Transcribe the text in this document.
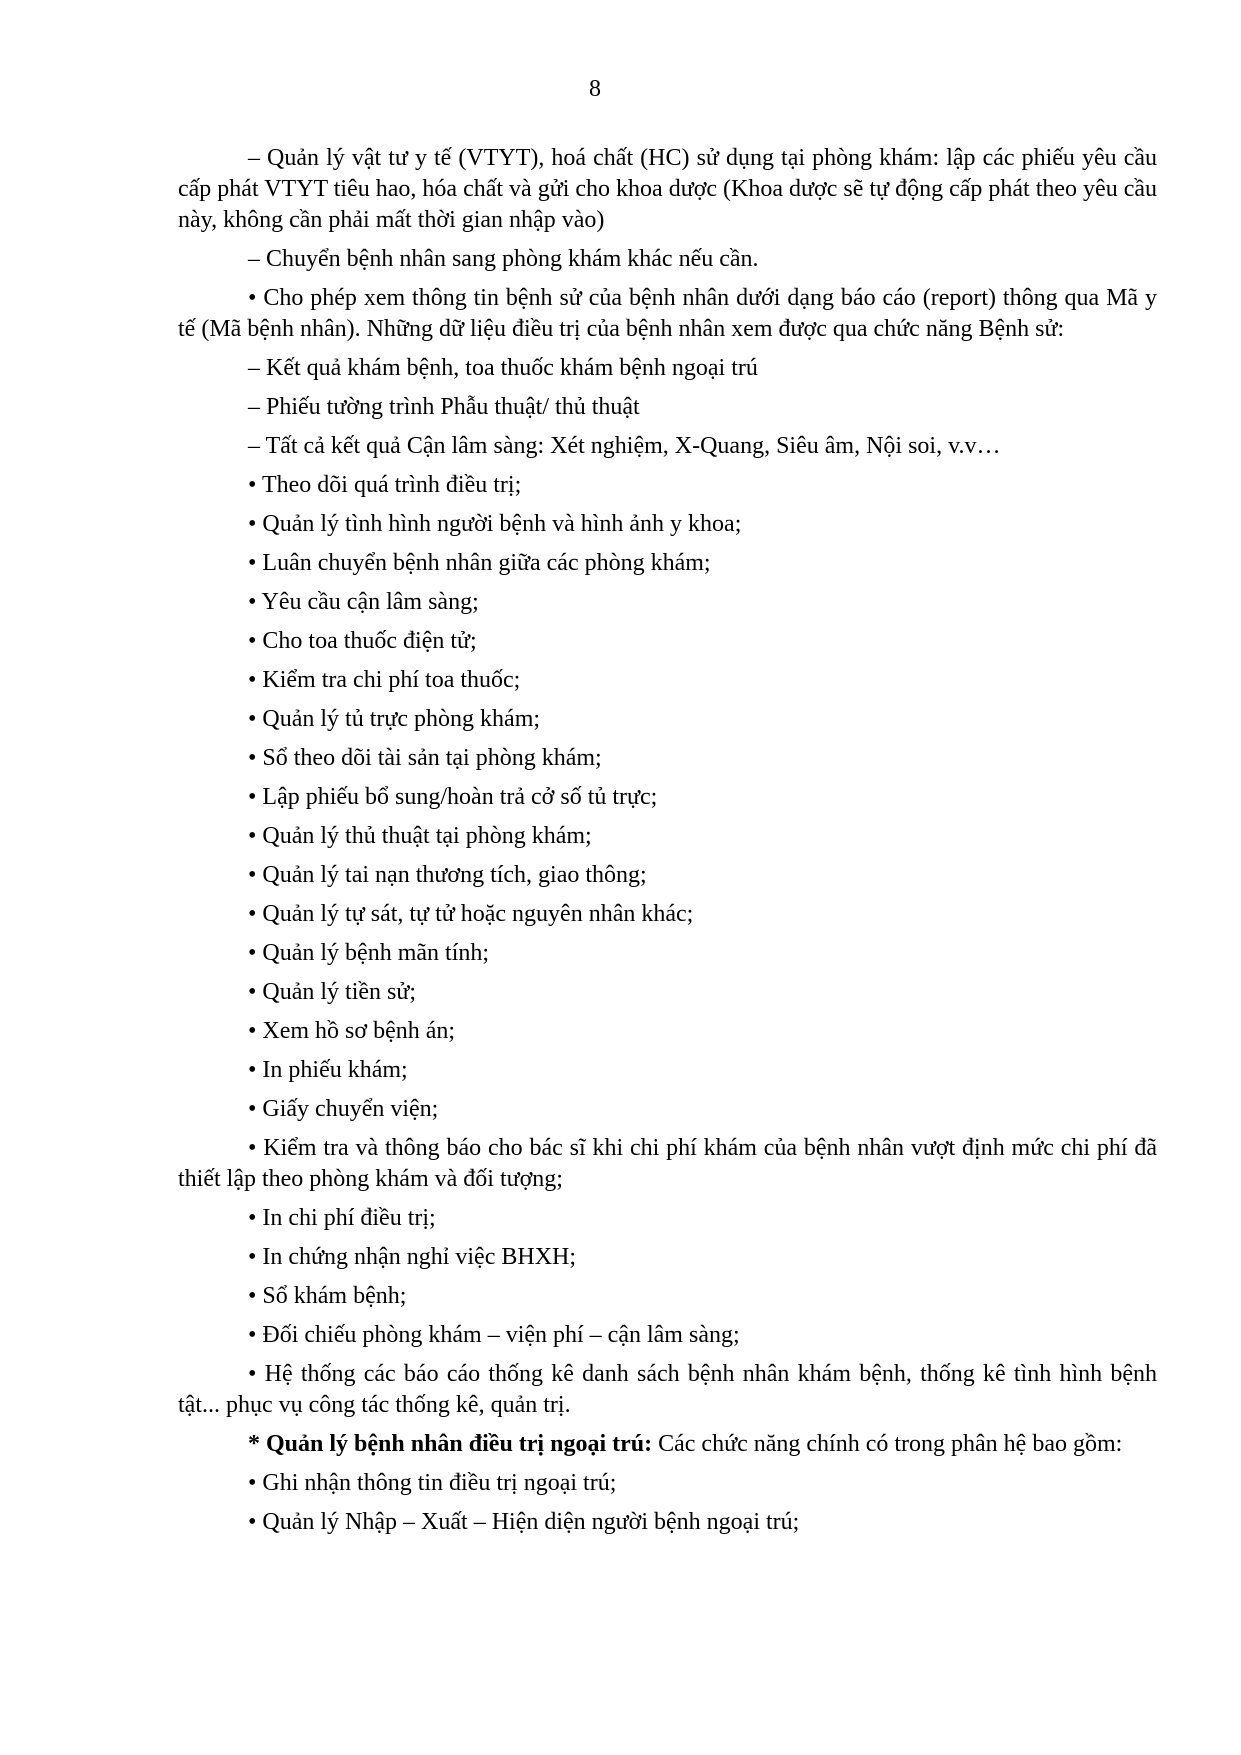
8

– Quản lý vật tư y tế (VTYT), hoá chất (HC) sử dụng tại phòng khám: lập các phiếu yêu cầu cấp phát VTYT tiêu hao, hóa chất và gửi cho khoa dược (Khoa dược sẽ tự động cấp phát theo yêu cầu này, không cần phải mất thời gian nhập vào)

– Chuyển bệnh nhân sang phòng khám khác nếu cần.

• Cho phép xem thông tin bệnh sử của bệnh nhân dưới dạng báo cáo (report) thông qua Mã y tế (Mã bệnh nhân). Những dữ liệu điều trị của bệnh nhân xem được qua chức năng Bệnh sử:

– Kết quả khám bệnh, toa thuốc khám bệnh ngoại trú
– Phiếu tường trình Phẫu thuật/ thủ thuật
– Tất cả kết quả Cận lâm sàng: Xét nghiệm, X-Quang, Siêu âm, Nội soi, v.v…
• Theo dõi quá trình điều trị;
• Quản lý tình hình người bệnh và hình ảnh y khoa;
• Luân chuyển bệnh nhân giữa các phòng khám;
• Yêu cầu cận lâm sàng;
• Cho toa thuốc điện tử;
• Kiểm tra chi phí toa thuốc;
• Quản lý tủ trực phòng khám;
• Sổ theo dõi tài sản tại phòng khám;
• Lập phiếu bổ sung/hoàn trả cở số tủ trực;
• Quản lý thủ thuật tại phòng khám;
• Quản lý tai nạn thương tích, giao thông;
• Quản lý tự sát, tự tử hoặc nguyên nhân khác;
• Quản lý bệnh mãn tính;
• Quản lý tiền sử;
• Xem hồ sơ bệnh án;
• In phiếu khám;
• Giấy chuyển viện;

• Kiểm tra và thông báo cho bác sĩ khi chi phí khám của bệnh nhân vượt định mức chi phí đã thiết lập theo phòng khám và đối tượng;

• In chi phí điều trị;
• In chứng nhận nghỉ việc BHXH;
• Sổ khám bệnh;
• Đối chiếu phòng khám – viện phí – cận lâm sàng;

• Hệ thống các báo cáo thống kê danh sách bệnh nhân khám bệnh, thống kê tình hình bệnh tật... phục vụ công tác thống kê, quản trị.

* Quản lý bệnh nhân điều trị ngoại trú: Các chức năng chính có trong phân hệ bao gồm:

• Ghi nhận thông tin điều trị ngoại trú;
• Quản lý Nhập – Xuất – Hiện diện người bệnh ngoại trú;
